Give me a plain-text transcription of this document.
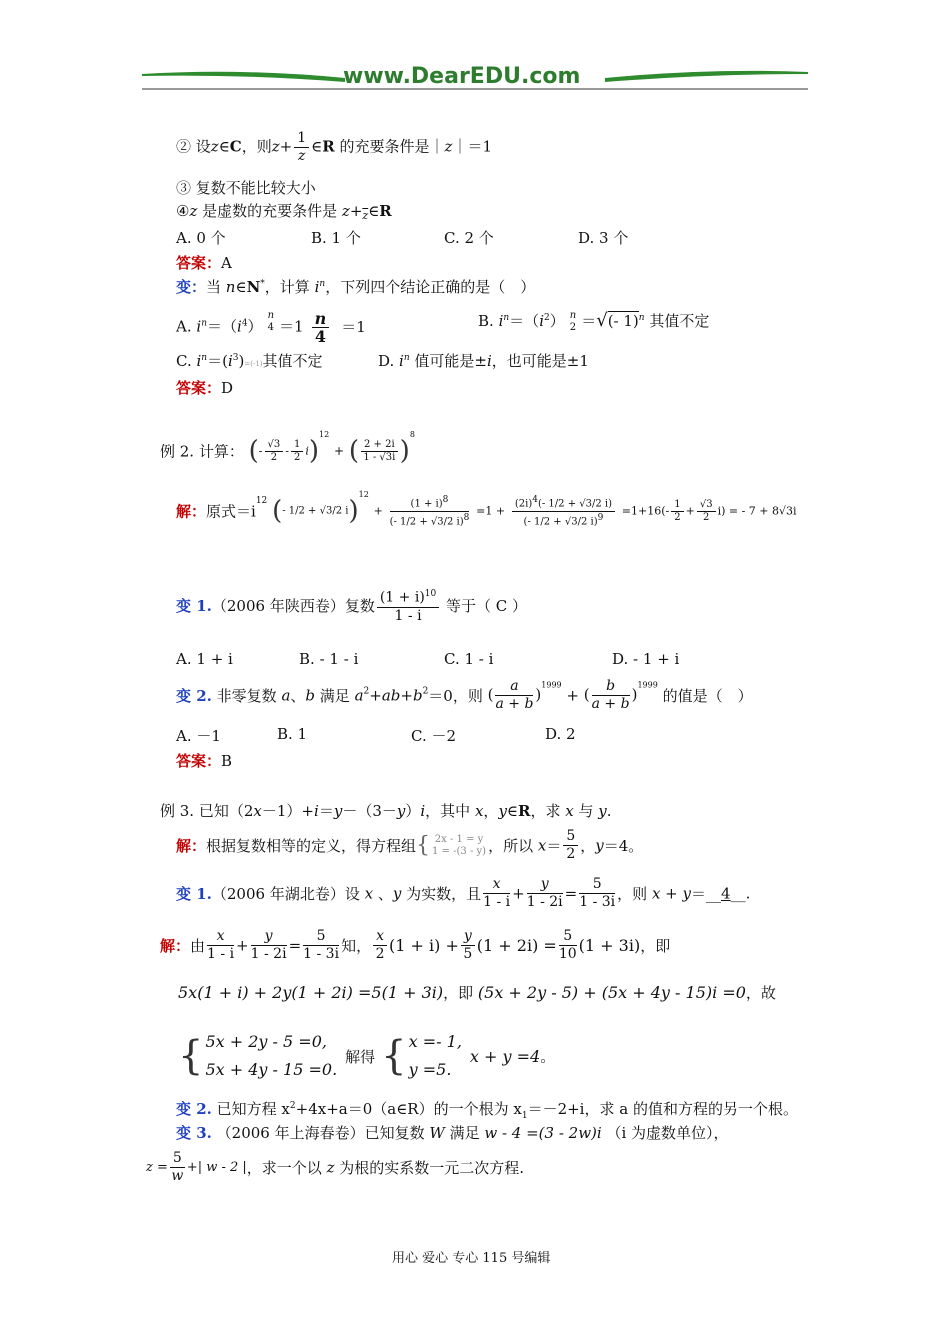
www.DearEDU.com
② 设z∈C，则$z+ \frac{1}{z}$ ∈R 的充要条件是｜z｜＝1
③ 复数不能比较大小
④z 是虚数的充要条件是 $z+_{\overline{z}}\in R$
A. 0 个	B. 1 个	C. 2 个	D. 3 个
答案：A
变：当 n∈N*，计算 $i^n$，下列四个结论正确的是（　）
A. $i^n=(i^4)$
n
$4 =1 \frac{n}{4} =1$	B. $i^n=(i^2)$ n
2 ＝√(- 1)$^n$ 其值不定
C. $i^n=(i^3)=(-1)$其值不定	D. $i^n$ 值可能是±i，也可能是±1
答案：D
例 2. 计算： (- $\frac{√3}{2} - \frac{1}{2} i)^{12}$ + ( $\frac{2 + 2i}{1 - √3i} )^8$
解：原式$=i^{12}$ (- 1/2 + √3/2 $i)^{12} + \frac{(1 + i)^8}{(- 1/2 + √3/2 i)^8} =1 + \frac{(2i)^4(- 1/2 + √3/2 i)}{(- 1/2 + √3/2 i)^9} =1+16(- \frac{1}{2} + \frac{√3}{2} i)$ = - 7 + 8√3i
变 1.（2006 年陕西卷）复数 $\frac{(1 + i)^{10}}{1 - i}$ 等于（ C ）
A. 1 + i	B. - 1 - i	C. 1 - i	D. - 1 + i
变 2. 非零复数 a、b 满足 $a^2+ab+b^2=0$，则 ( $\frac{a}{a + b} )^{1999}$ + ( $\frac{b}{a + b} )^{1999}$ 的值是（　）
A. －1	B. 1	C. －2	D. 2
答案：B
例 3. 已知（2x－1）+i＝y－（3－y）i，其中 x，y∈R，求 x 与 y.
解：根据复数相等的定义，得方程组{ 2x - 1 = y
1 = -(3 - y) ，所以 $x= \frac{5}{2}$ ，y＝4。
变 1.（2006 年湖北卷）设 x 、y 为实数，且 $\frac{x}{1 - i} + \frac{y}{1 - 2i} = \frac{5}{1 - 3i}$ ，则 x + y＝__4__.
解：由 $\frac{x}{1 - i} + \frac{y}{1 - 2i} = \frac{5}{1 - 3i}$ 知， $\frac{x}{2} (1 + i) + \frac{y}{5} (1 + 2i) = \frac{5}{10} (1 + 3i)$，即
5x(1 + i) + 2y(1 + 2i) =5(1 + 3i)，即 (5x + 2y - 5) + (5x + 4y - 15)i =0，故
{ 5x + 2y - 5 =0,
5x + 4y - 15 =0.
解得 { x =- 1,
y =5.
x + y =4。
变 2. 已知方程 $x^2+4x+a=0(a\in R)$的一个根为 $x_1=-2+i$，求 a 的值和方程的另一个根。
变 3. （2006 年上海春卷）已知复数 W 满足 w - 4 =(3 - 2w)i （i 为虚数单位），
$z = \frac{5}{w}$ +| w - 2 |，求一个以 z 为根的实系数一元二次方程.
用心 爱心 专心 115 号编辑
